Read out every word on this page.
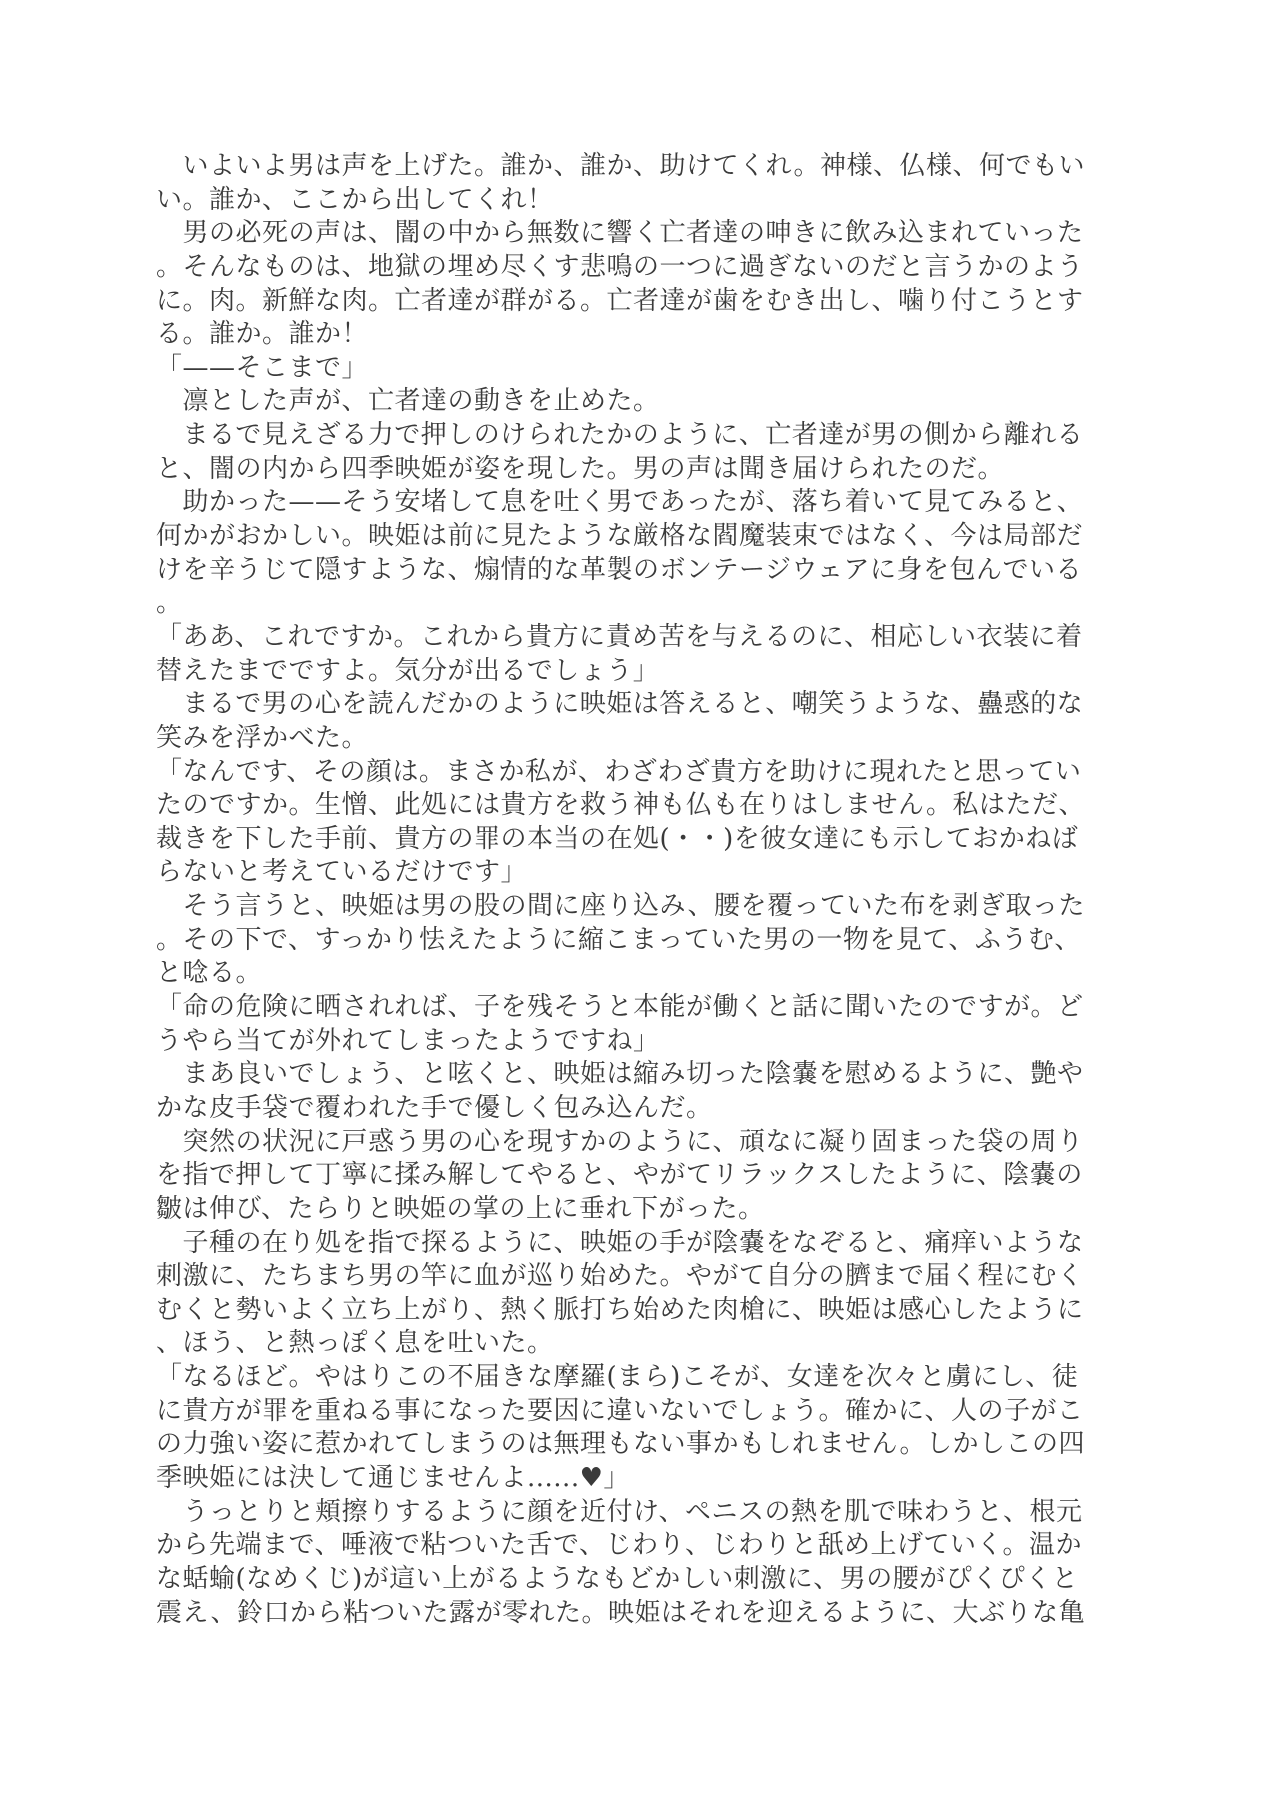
　いよいよ男は声を上げた。誰か、誰か、助けてくれ。神様、仏様、何でもい
い。誰か、ここから出してくれ！
　男の必死の声は、闇の中から無数に響く亡者達の呻きに飲み込まれていった
。そんなものは、地獄の埋め尽くす悲鳴の一つに過ぎないのだと言うかのよう
に。肉。新鮮な肉。亡者達が群がる。亡者達が歯をむき出し、噛り付こうとす
る。誰か。誰か！
「——そこまで」
　凛とした声が、亡者達の動きを止めた。
　まるで見えざる力で押しのけられたかのように、亡者達が男の側から離れる
と、闇の内から四季映姫が姿を現した。男の声は聞き届けられたのだ。
　助かった——そう安堵して息を吐く男であったが、落ち着いて見てみると、
何かがおかしい。映姫は前に見たような厳格な閻魔装束ではなく、今は局部だ
けを辛うじて隠すような、煽情的な革製のボンテージウェアに身を包んでいる
。
「ああ、これですか。これから貴方に責め苦を与えるのに、相応しい衣装に着
替えたまでですよ。気分が出るでしょう」
　まるで男の心を読んだかのように映姫は答えると、嘲笑うような、蠱惑的な
笑みを浮かべた。
「なんです、その顔は。まさか私が、わざわざ貴方を助けに現れたと思ってい
たのですか。生憎、此処には貴方を救う神も仏も在りはしません。私はただ、
裁きを下した手前、貴方の罪の本当の在処(・・)を彼女達にも示しておかねば
らないと考えているだけです」
　そう言うと、映姫は男の股の間に座り込み、腰を覆っていた布を剥ぎ取った
。その下で、すっかり怯えたように縮こまっていた男の一物を見て、ふうむ、
と唸る。
「命の危険に晒されれば、子を残そうと本能が働くと話に聞いたのですが。ど
うやら当てが外れてしまったようですね」
　まあ良いでしょう、と呟くと、映姫は縮み切った陰嚢を慰めるように、艶や
かな皮手袋で覆われた手で優しく包み込んだ。
　突然の状況に戸惑う男の心を現すかのように、頑なに凝り固まった袋の周り
を指で押して丁寧に揉み解してやると、やがてリラックスしたように、陰嚢の
皺は伸び、たらりと映姫の掌の上に垂れ下がった。
　子種の在り処を指で探るように、映姫の手が陰嚢をなぞると、痛痒いような
刺激に、たちまち男の竿に血が巡り始めた。やがて自分の臍まで届く程にむく
むくと勢いよく立ち上がり、熱く脈打ち始めた肉槍に、映姫は感心したように
、ほう、と熱っぽく息を吐いた。
「なるほど。やはりこの不届きな摩羅(まら)こそが、女達を次々と虜にし、徒
に貴方が罪を重ねる事になった要因に違いないでしょう。確かに、人の子がこ
の力強い姿に惹かれてしまうのは無理もない事かもしれません。しかしこの四
季映姫には決して通じませんよ......♥」
　うっとりと頬擦りするように顔を近付け、ペニスの熱を肌で味わうと、根元
から先端まで、唾液で粘ついた舌で、じわり、じわりと舐め上げていく。温か
な蛞蝓(なめくじ)が這い上がるようなもどかしい刺激に、男の腰がぴくぴくと
震え、鈴口から粘ついた露が零れた。映姫はそれを迎えるように、大ぶりな亀
